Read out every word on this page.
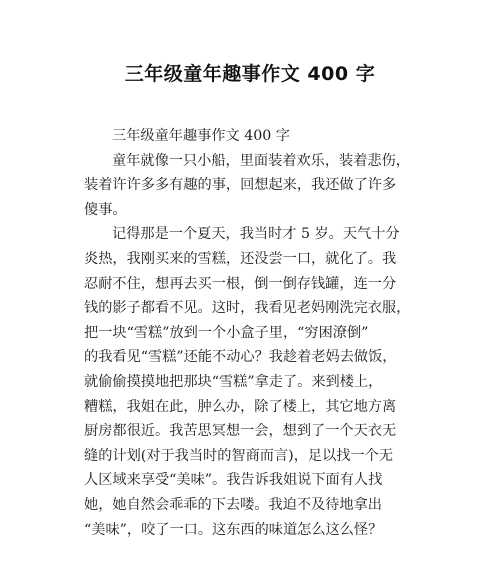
三年级童年趣事作文 400 字
三年级童年趣事作文 400 字
童年就像一只小船，里面装着欢乐，装着悲伤，
装着许许多多有趣的事，回想起来，我还做了许多
傻事。
记得那是一个夏天，我当时才 5 岁。天气十分
炎热，我刚买来的雪糕，还没尝一口，就化了。我
忍耐不住，想再去买一根，倒一倒存钱罐，连一分
钱的影子都看不见。这时，我看见老妈刚洗完衣服，
把一块“雪糕”放到一个小盒子里，“穷困潦倒”
的我看见“雪糕”还能不动心？我趁着老妈去做饭，
就偷偷摸摸地把那块“雪糕”拿走了。来到楼上，
糟糕，我姐在此，肿么办，除了楼上，其它地方离
厨房都很近。我苦思冥想一会，想到了一个天衣无
缝的计划(对于我当时的智商而言)，足以找一个无
人区域来享受“美味”。我告诉我姐说下面有人找
她，她自然会乖乖的下去喽。我迫不及待地拿出
“美味”，咬了一口。这东西的味道怎么这么怪？
